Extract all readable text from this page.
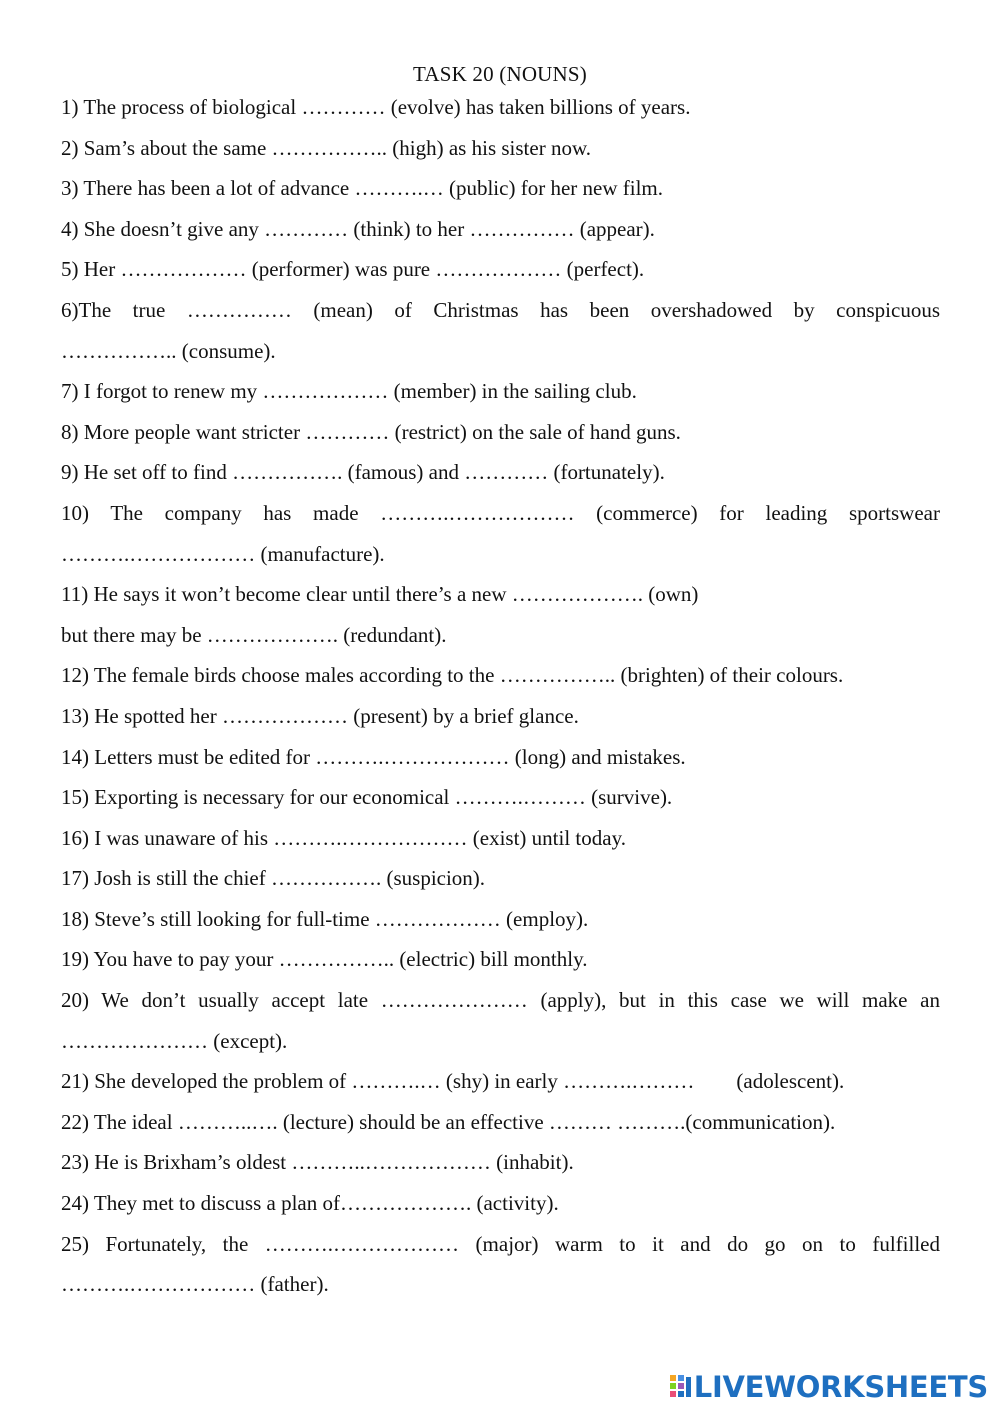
TASK 20 (NOUNS)
1) The process of biological ………… (evolve) has taken billions of years.
2) Sam’s about the same …………….. (high) as his sister now.
3) There has been a lot of advance ……….… (public) for her new film.
4) She doesn’t give any ………… (think) to her …………… (appear).
5) Her ……………… (performer) was pure ……………… (perfect).
6)The true …………… (mean) of Christmas has been overshadowed by conspicuous
…………….. (consume).
7) I forgot to renew my ……………… (member) in the sailing club.
8) More people want stricter ………… (restrict) on the sale of hand guns.
9) He set off to find ……………. (famous) and ………… (fortunately).
10) The company has made ……….……………… (commerce) for leading sportswear
……….……………… (manufacture).
11) He says it won’t become clear until there’s a new ………………. (own)
but there may be ………………. (redundant).
12) The female birds choose males according to the …………….. (brighten) of their colours.
13) He spotted her ……………… (present) by a brief glance.
14) Letters must be edited for ……….……………… (long) and mistakes.
15) Exporting is necessary for our economical ……….……… (survive).
16) I was unaware of his ……….……………… (exist) until today.
17) Josh is still the chief ……………. (suspicion).
18) Steve’s still looking for full-time ……………… (employ).
19) You have to pay your …………….. (electric) bill monthly.
20) We don’t usually accept late ………………… (apply), but in this case we will make an
………………… (except).
21) She developed the problem of ……….… (shy) in early ……….………        (adolescent).
22) The ideal ………..…. (lecture) should be an effective ……… ……….(communication).
23) He is Brixham’s oldest ………..……………… (inhabit).
24) They met to discuss a plan of………………. (activity).
25) Fortunately, the ……….……………… (major) warm to it and do go on to fulfilled
……….……………… (father).
LIVEWORKSHEETS
